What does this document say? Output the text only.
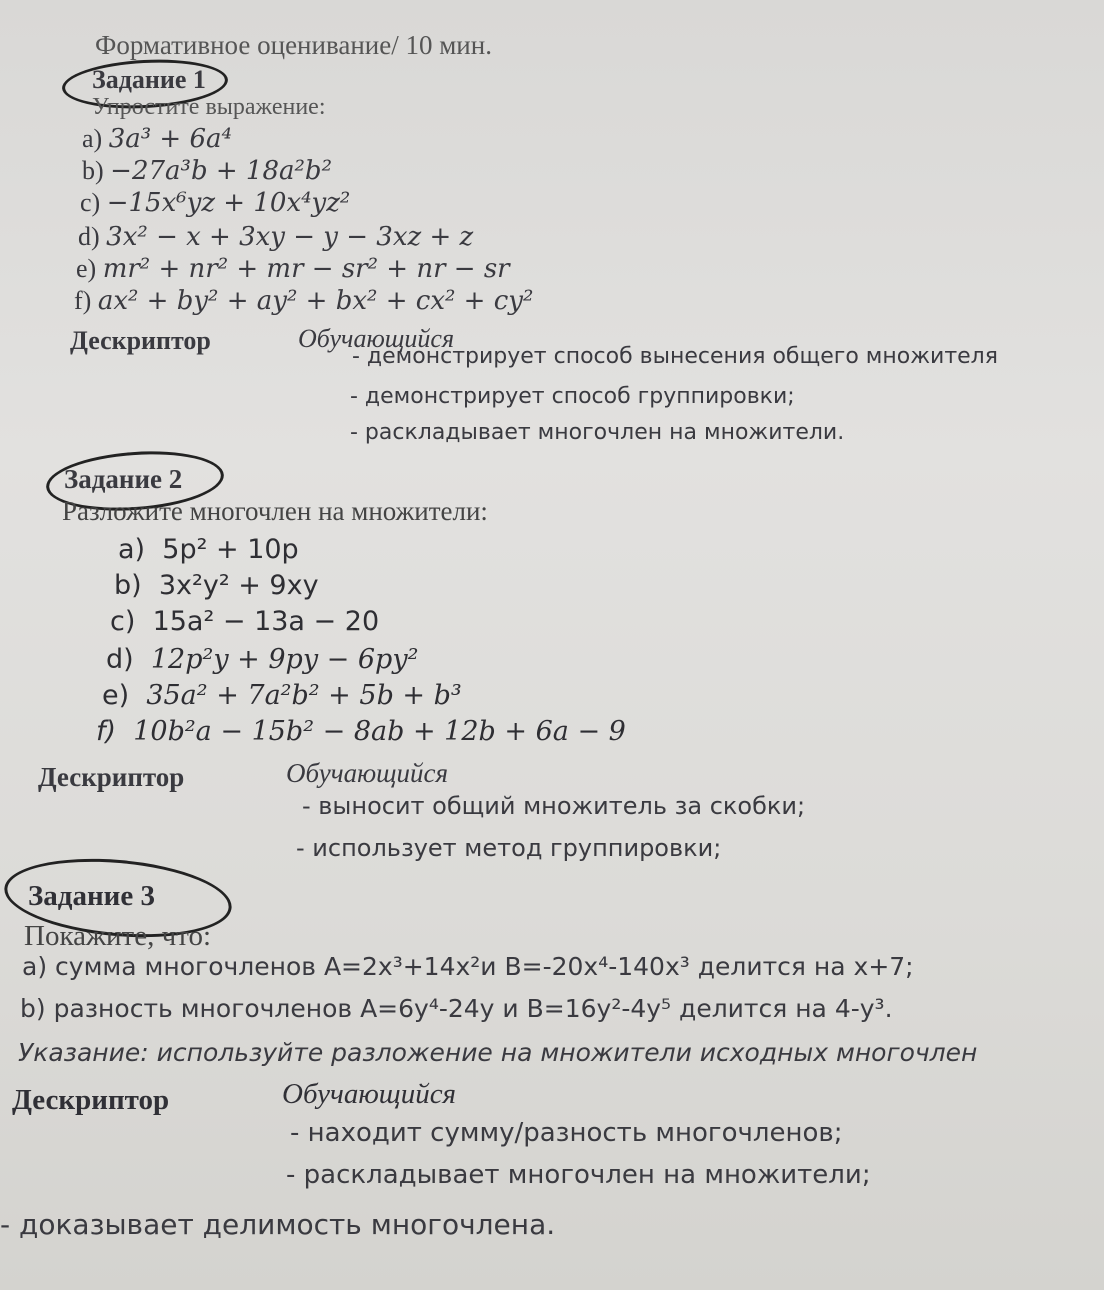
Формативное оценивание/ 10 мин.
Задание 1
Упростите выражение:
a) 3a³ + 6a⁴
b) −27a³b + 18a²b²
c) −15x⁶yz + 10x⁴yz²
d) 3x² − x + 3xy − y − 3xz + z
e) mr² + nr² + mr − sr² + nr − sr
f) ax² + by² + ay² + bx² + cx² + cy²
Дескриптор	Обучающийся
- демонстрирует способ вынесения общего множителя
- демонстрирует способ группировки;
- раскладывает многочлен на множители.
Задание 2
Разложите многочлен на множители:
a) 5p² + 10p
b) 3x²y² + 9xy
c) 15a² − 13a − 20
d) 12p²y + 9py − 6py²
e) 35a² + 7a²b² + 5b + b³
f) 10b²a − 15b² − 8ab + 12b + 6a − 9
Дескриптор	Обучающийся
- выносит общий множитель за скобки;
- использует метод группировки;
Задание 3
Покажите, что:
a) сумма многочленов A=2x³+14x²и B=-20x⁴-140x³ делится на x+7;
b) разность многочленов A=6y⁴-24y и B=16y²-4y⁵ делится на 4-y³.
Указание: используйте разложение на множители исходных многочлен
Дескриптор	Обучающийся
- находит сумму/разность многочленов;
- раскладывает многочлен на множители;
- доказывает делимость многочлена.
